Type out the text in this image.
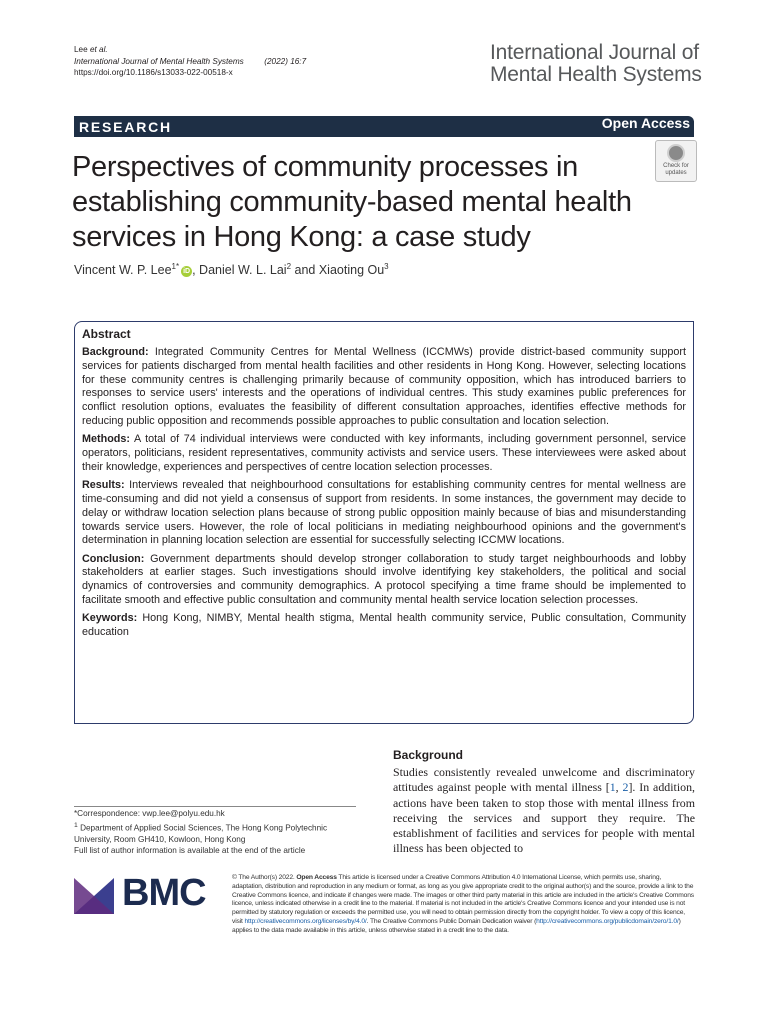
Lee et al.
International Journal of Mental Health Systems (2022) 16:7
https://doi.org/10.1186/s13033-022-00518-x
International Journal of
Mental Health Systems
RESEARCH	Open Access
Perspectives of community processes in establishing community-based mental health services in Hong Kong: a case study
Check for
updates
Vincent W. P. Lee$^{1*}$iD , Daniel W. L. Lai$^2$ and Xiaoting Ou$^3$
Abstract

Background: Integrated Community Centres for Mental Wellness (ICCMWs) provide district-based community support services for patients discharged from mental health facilities and other residents in Hong Kong. However, selecting locations for these community centres is challenging primarily because of community opposition, which has introduced barriers to responses to service users' interests and the operations of individual centres. This study examines public preferences for conflict resolution options, evaluates the feasibility of different consultation approaches, identifies effective methods for reducing public opposition and recommends possible approaches to public consultation and location selection.

Methods: A total of 74 individual interviews were conducted with key informants, including government personnel, service operators, politicians, resident representatives, community activists and service users. These interviewees were asked about their knowledge, experiences and perspectives of centre location selection processes.

Results: Interviews revealed that neighbourhood consultations for establishing community centres for mental wellness are time-consuming and did not yield a consensus of support from residents. In some instances, the government may decide to delay or withdraw location selection plans because of strong public opposition mainly because of bias and misunderstanding towards service users. However, the role of local politicians in mediating neighbourhood opinions and the government's determination in planning location selection are essential for successfully selecting ICCMW locations.

Conclusion: Government departments should develop stronger collaboration to study target neighbourhoods and lobby stakeholders at earlier stages. Such investigations should involve identifying key stakeholders, the political and social dynamics of controversies and community demographics. A protocol specifying a time frame should be implemented to facilitate smooth and effective public consultation and community mental health service location selection processes.

Keywords: Hong Kong, NIMBY, Mental health stigma, Mental health community service, Public consultation, Community education

*Correspondence: vwp.lee@polyu.edu.hk
$^1$ Department of Applied Social Sciences, The Hong Kong Polytechnic University, Room GH410, Kowloon, Hong Kong
Full list of author information is available at the end of the article
Background
Studies consistently revealed unwelcome and discriminatory attitudes against people with mental illness [1, 2]. In addition, actions have been taken to stop those with mental illness from receiving the services and support they require. The establishment of facilities and services for people with mental illness has been objected to
BMC	© The Author(s) 2022. Open Access This article is licensed under a Creative Commons Attribution 4.0 International License, which permits use, sharing, adaptation, distribution and reproduction in any medium or format, as long as you give appropriate credit to the original author(s) and the source, provide a link to the Creative Commons licence, and indicate if changes were made. The images or other third party material in this article are included in the article's Creative Commons licence, unless indicated otherwise in a credit line to the material. If material is not included in the article's Creative Commons licence and your intended use is not permitted by statutory regulation or exceeds the permitted use, you will need to obtain permission directly from the copyright holder. To view a copy of this licence, visit http://creativecommons.org/licenses/by/4.0/. The Creative Commons Public Domain Dedication waiver (http://creativecommons.org/publicdomain/zero/1.0/) applies to the data made available in this article, unless otherwise stated in a credit line to the data.
